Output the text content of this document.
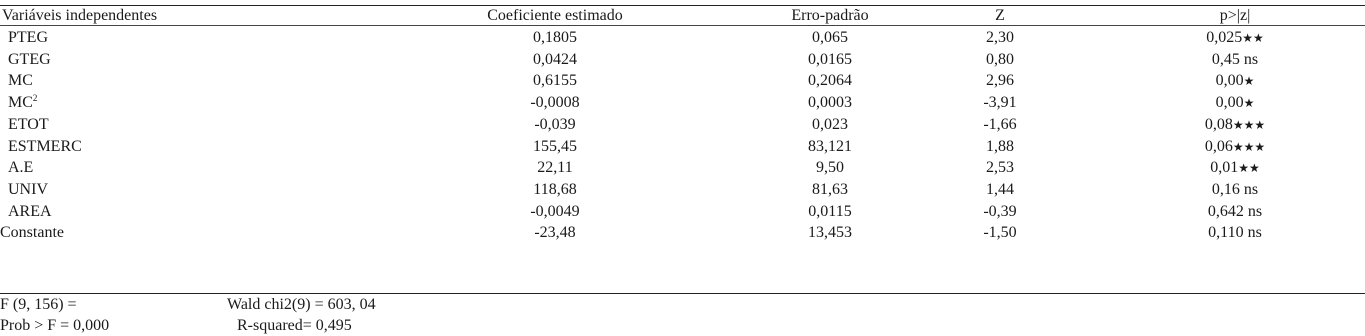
Variáveis independentes	Coeficiente estimado	Erro-padrão	Z	p>|z|
PTEG	0,1805	0,065	2,30	0,025★★
GTEG	0,0424	0,0165	0,80	0,45 ns
MC	0,6155	0,2064	2,96	0,00★
$MC^2$	-0,0008	0,0003	-3,91	0,00★
ETOT	-0,039	0,023	-1,66	0,08★★★
ESTMERC	155,45	83,121	1,88	0,06★★★
A.E	22,11	9,50	2,53	0,01★★
UNIV	118,68	81,63	1,44	0,16 ns
AREA	-0,0049	0,0115	-0,39	0,642 ns
Constante	-23,48	13,453	-1,50	0,110 ns
F (9, 156) =	Wald chi2(9) = 603, 04
Prob > F = 0,000	R-squared= 0,495
